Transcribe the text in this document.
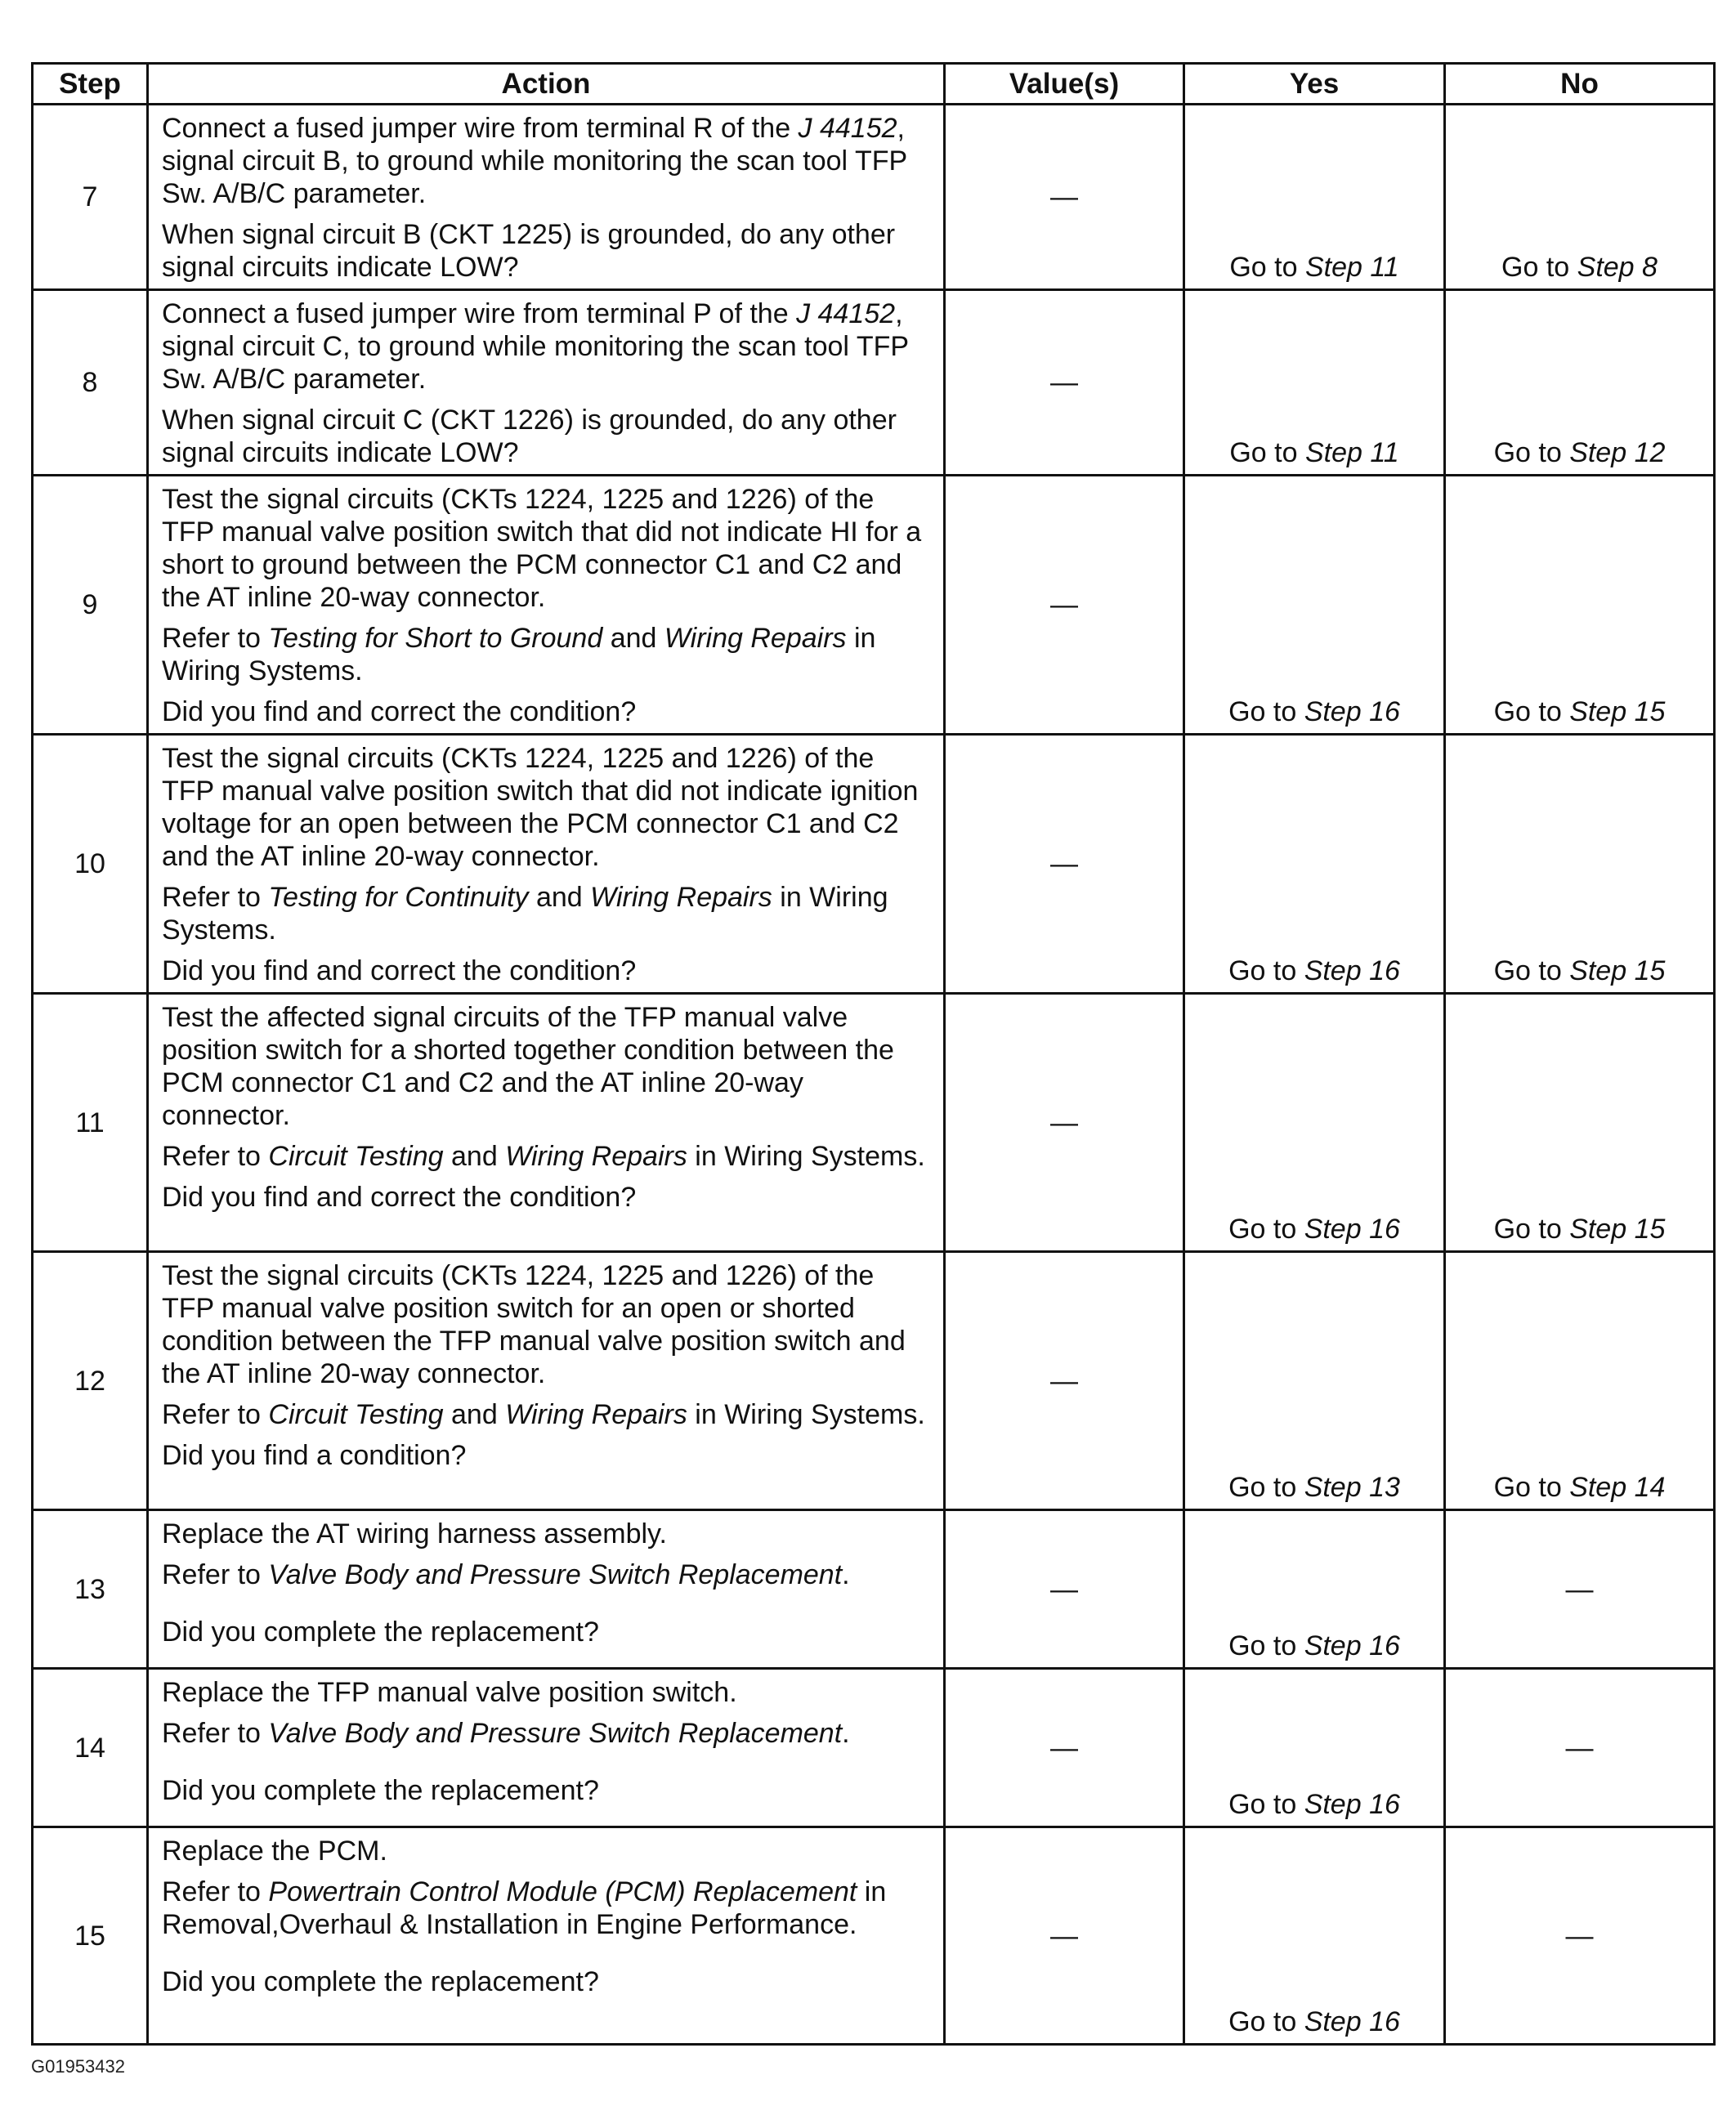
Step	Action	Value(s)	Yes	No
7	Connect a fused jumper wire from terminal R of the J 44152, signal circuit B, to ground while monitoring the scan tool TFP Sw. A/B/C parameter.
When signal circuit B (CKT 1225) is grounded, do any other signal circuits indicate LOW?	—	Go to Step 11	Go to Step 8
8	Connect a fused jumper wire from terminal P of the J 44152, signal circuit C, to ground while monitoring the scan tool TFP Sw. A/B/C parameter.
When signal circuit C (CKT 1226) is grounded, do any other signal circuits indicate LOW?	—	Go to Step 11	Go to Step 12
9	Test the signal circuits (CKTs 1224, 1225 and 1226) of the TFP manual valve position switch that did not indicate HI for a short to ground between the PCM connector C1 and C2 and the AT inline 20-way connector.
Refer to Testing for Short to Ground and Wiring Repairs in Wiring Systems.
Did you find and correct the condition?	—	Go to Step 16	Go to Step 15
10	Test the signal circuits (CKTs 1224, 1225 and 1226) of the TFP manual valve position switch that did not indicate ignition voltage for an open between the PCM connector C1 and C2 and the AT inline 20-way connector.
Refer to Testing for Continuity and Wiring Repairs in Wiring Systems.
Did you find and correct the condition?	—	Go to Step 16	Go to Step 15
11	Test the affected signal circuits of the TFP manual valve position switch for a shorted together condition between the PCM connector C1 and C2 and the AT inline 20-way connector.
Refer to Circuit Testing and Wiring Repairs in Wiring Systems.
Did you find and correct the condition?	—	Go to Step 16	Go to Step 15
12	Test the signal circuits (CKTs 1224, 1225 and 1226) of the TFP manual valve position switch for an open or shorted condition between the TFP manual valve position switch and the AT inline 20-way connector.
Refer to Circuit Testing and Wiring Repairs in Wiring Systems.
Did you find a condition?	—	Go to Step 13	Go to Step 14
13	Replace the AT wiring harness assembly.
Refer to Valve Body and Pressure Switch Replacement.
Did you complete the replacement?	—	Go to Step 16	—
14	Replace the TFP manual valve position switch.
Refer to Valve Body and Pressure Switch Replacement.
Did you complete the replacement?	—	Go to Step 16	—
15	Replace the PCM.
Refer to Powertrain Control Module (PCM) Replacement in Removal,Overhaul & Installation in Engine Performance.
Did you complete the replacement?	—	Go to Step 16	—
G01953432
